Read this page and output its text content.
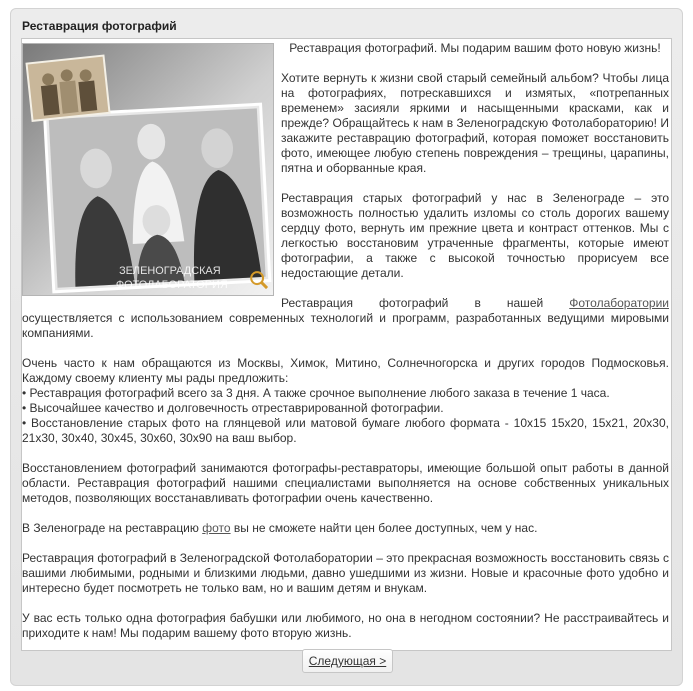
Реставрация фотографий
ЗЕЛЕНОГРАДСКАЯ
ФОТОЛАБОРАТОРИЯ

Реставрация фотографий. Мы подарим вашим фото новую жизнь!

Хотите вернуть к жизни свой старый семейный альбом? Чтобы лица на фотографиях, потрескавшихся и измятых, «потрепанных временем» засияли яркими и насыщенными красками, как и прежде? Обращайтесь к нам в Зеленоградскую Фотолабораторию! И закажите реставрацию фотографий, которая поможет восстановить фото, имеющее любую степень повреждения – трещины, царапины, пятна и оборванные края.

Реставрация старых фотографий у нас в Зеленограде – это возможность полностью удалить изломы со столь дорогих вашему сердцу фото, вернуть им прежние цвета и контраст оттенков. Мы с легкостью восстановим утраченные фрагменты, которые имеют фотографии, а также с высокой точностью прорисуем все недостающие детали.

Реставрация фотографий в нашей Фотолаборатории осуществляется с использованием современных технологий и программ, разработанных ведущими мировыми компаниями.

Очень часто к нам обращаются из Москвы, Химок, Митино, Солнечногорска и других городов Подмосковья. Каждому своему клиенту мы рады предложить:

• Реставрация фотографий всего за 3 дня. А также срочное выполнение любого заказа в течение 1 часа.

• Высочайшее качество и долговечность отреставрированной фотографии.

• Восстановление старых фото на глянцевой или матовой бумаге любого формата - 10х15 15х20, 15х21, 20х30, 21х30, 30х40, 30х45, 30х60, 30х90 на ваш выбор.

Восстановлением фотографий занимаются фотографы-реставраторы, имеющие большой опыт работы в данной области. Реставрация фотографий нашими специалистами выполняется на основе собственных уникальных методов, позволяющих восстанавливать фотографии очень качественно.

В Зеленограде на реставрацию фото вы не сможете найти цен более доступных, чем у нас.

Реставрация фотографий в Зеленоградской Фотолаборатории – это прекрасная возможность восстановить связь с вашими любимыми, родными и близкими людьми, давно ушедшими из жизни. Новые и красочные фото удобно и интересно будет посмотреть не только вам, но и вашим детям и внукам.

У вас есть только одна фотография бабушки или любимого, но она в негодном состоянии? Не расстраивайтесь и приходите к нам! Мы подарим вашему фото вторую жизнь.

Следующая >
